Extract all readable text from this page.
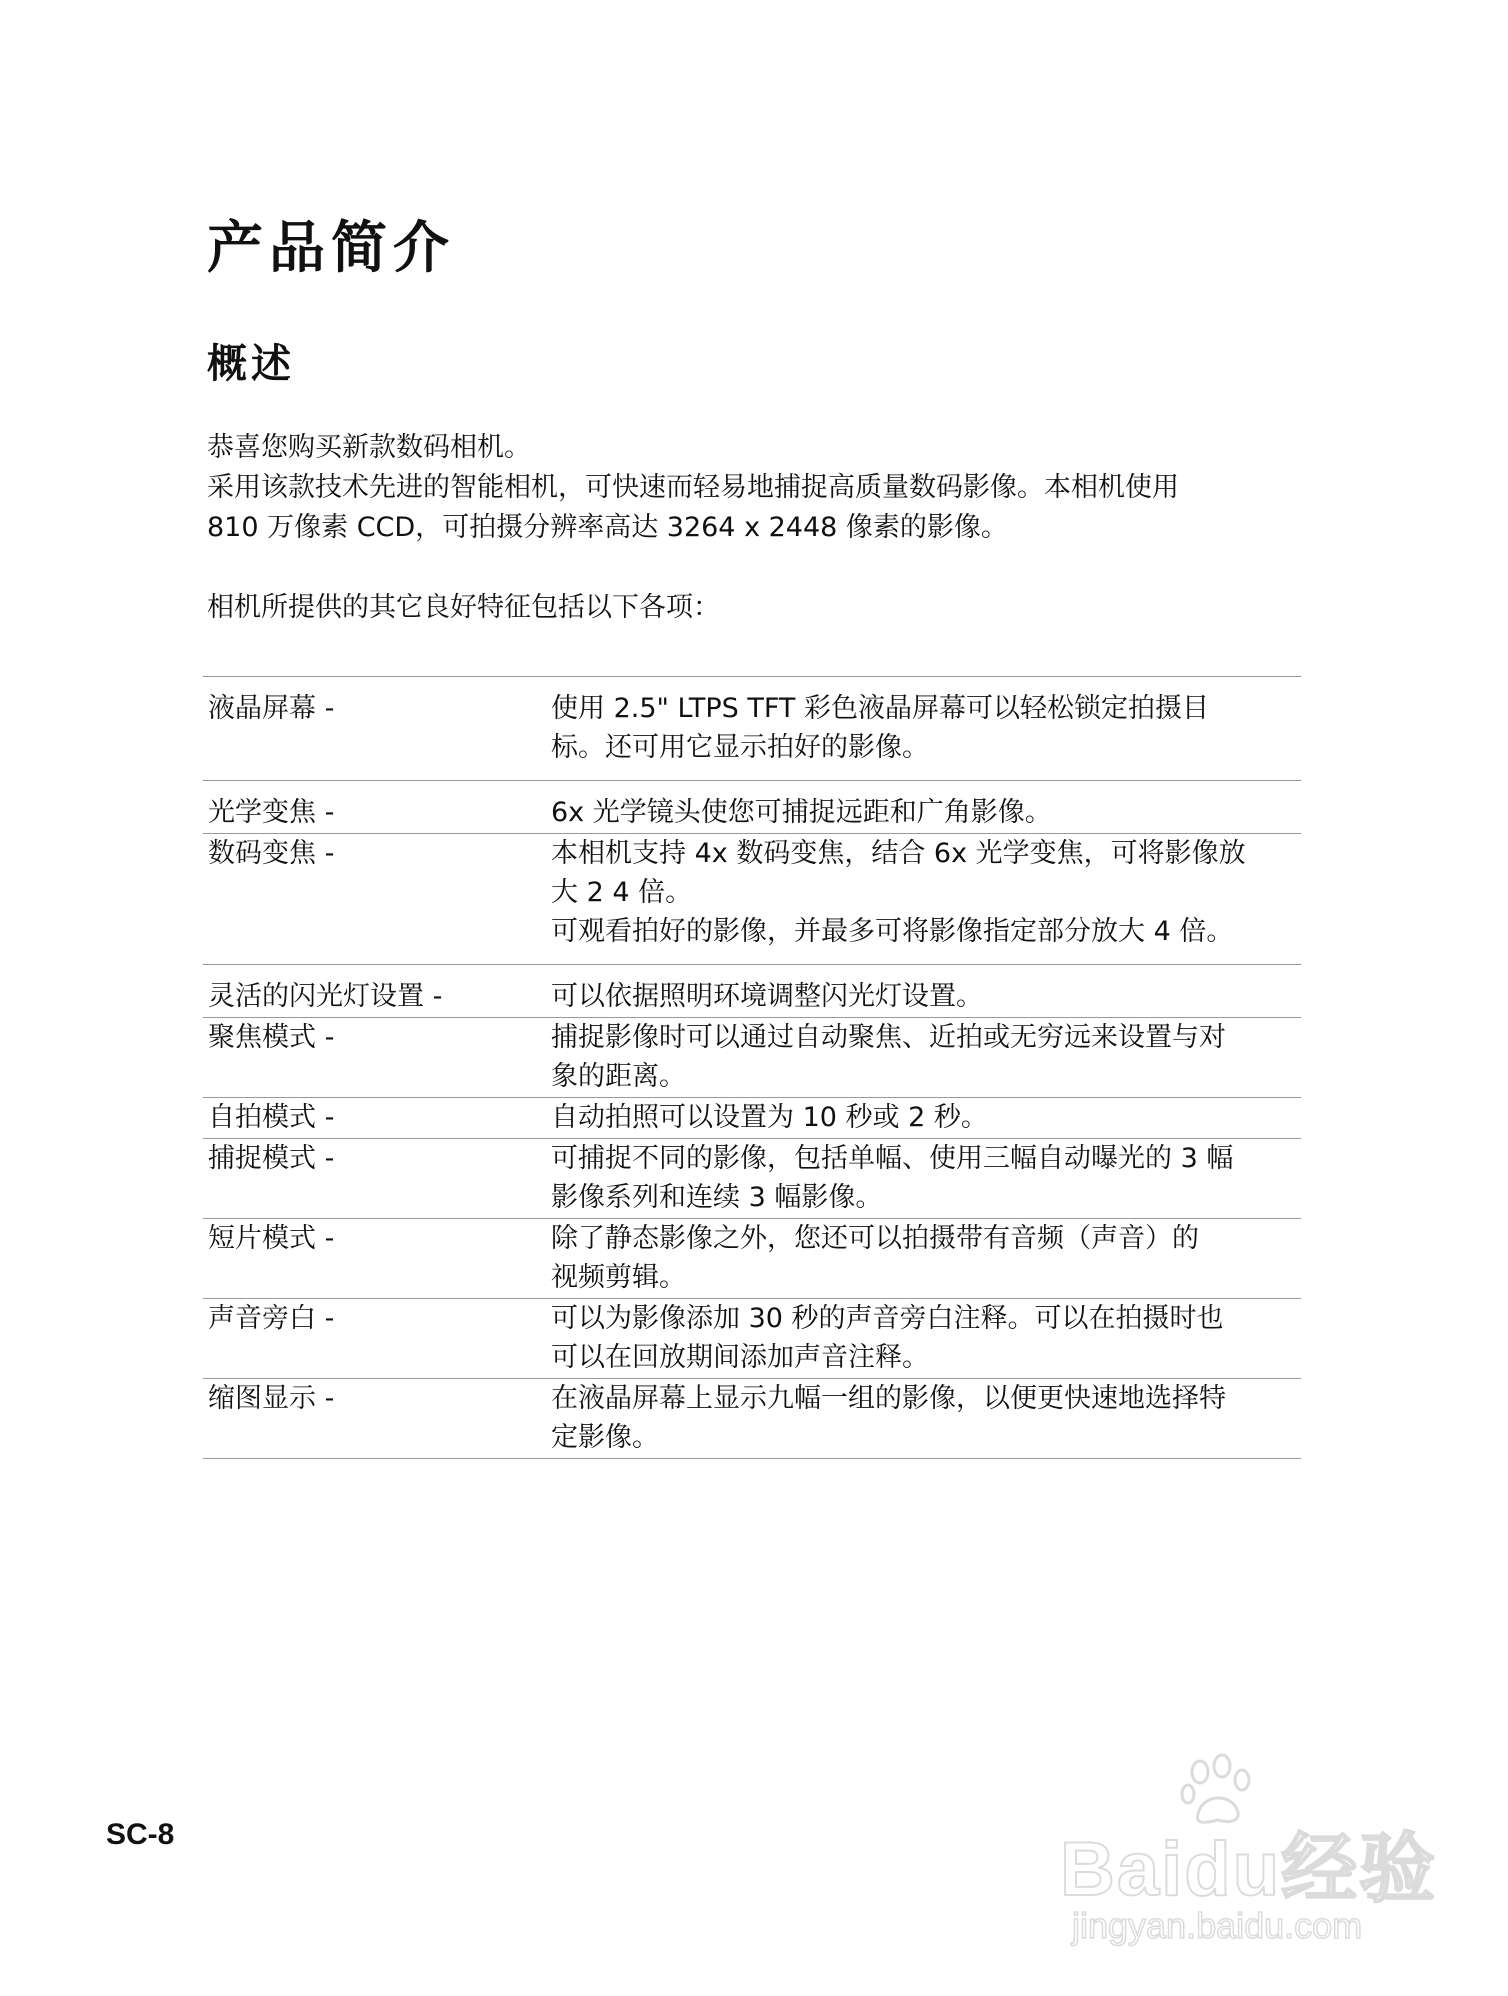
产品简介
概述

恭喜您购买新款数码相机。

采用该款技术先进的智能相机，可快速而轻易地捕捉高质量数码影像。本相机使用

810 万像素 CCD，可拍摄分辨率高达 3264 x 2448 像素的影像。

相机所提供的其它良好特征包括以下各项：

液晶屏幕 -	使用 2.5" LTPS TFT 彩色液晶屏幕可以轻松锁定拍摄目
标。还可用它显示拍好的影像。

光学变焦 -	6x 光学镜头使您可捕捉远距和广角影像。

数码变焦 -	本相机支持 4x 数码变焦，结合 6x 光学变焦，可将影像放
大 2 4 倍。
可观看拍好的影像，并最多可将影像指定部分放大 4 倍。

灵活的闪光灯设置 -	可以依据照明环境调整闪光灯设置。

聚焦模式 -	捕捉影像时可以通过自动聚焦、近拍或无穷远来设置与对
象的距离。

自拍模式 -	自动拍照可以设置为 10 秒或 2 秒。

捕捉模式 -	可捕捉不同的影像，包括单幅、使用三幅自动曝光的 3 幅
影像系列和连续 3 幅影像。

短片模式 -	除了静态影像之外，您还可以拍摄带有音频（声音）的
视频剪辑。

声音旁白 -	可以为影像添加 30 秒的声音旁白注释。可以在拍摄时也
可以在回放期间添加声音注释。

缩图显示 -	在液晶屏幕上显示九幅一组的影像，以便更快速地选择特
定影像。
SC-8	Baidu经验
jingyan.baidu.com
